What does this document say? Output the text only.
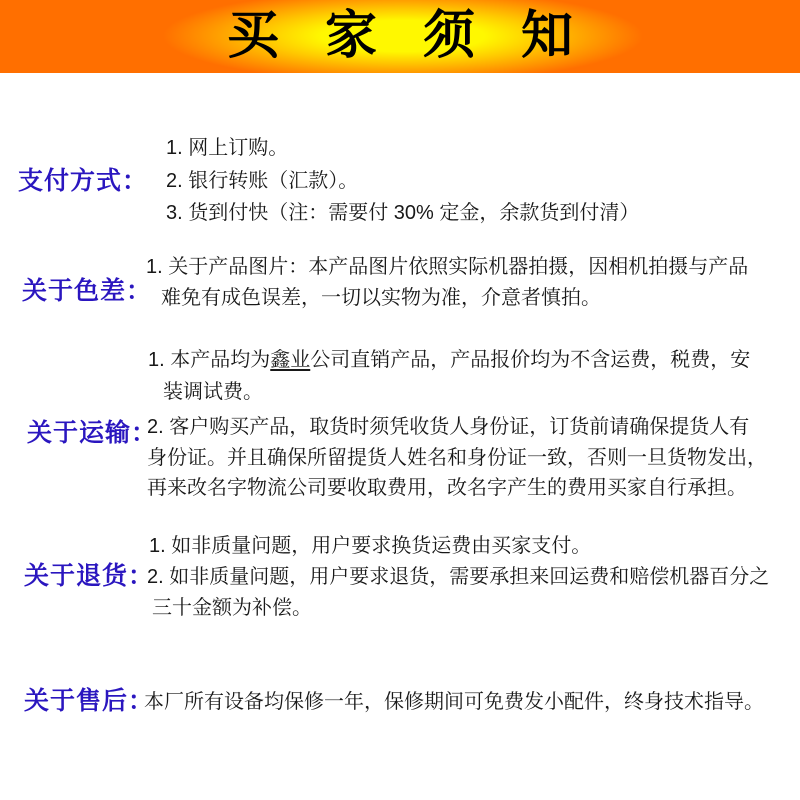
买家须知
支付方式：
1. 网上订购。
2. 银行转账（汇款）。
3. 货到付快（注：需要付 30% 定金，余款货到付清）
关于色差：
1. 关于产品图片：本产品图片依照实际机器拍摄，因相机拍摄与产品
难免有成色误差，一切以实物为准，介意者慎拍。
关于运输：
1. 本产品均为鑫业公司直销产品，产品报价均为不含运费，税费，安
装调试费。
2. 客户购买产品，取货时须凭收货人身份证，订货前请确保提货人有
身份证。并且确保所留提货人姓名和身份证一致，否则一旦货物发出，
再来改名字物流公司要收取费用，改名字产生的费用买家自行承担。
关于退货：
1. 如非质量问题，用户要求换货运费由买家支付。
2. 如非质量问题，用户要求退货，需要承担来回运费和赔偿机器百分之
三十金额为补偿。
关于售后：
本厂所有设备均保修一年，保修期间可免费发小配件，终身技术指导。
